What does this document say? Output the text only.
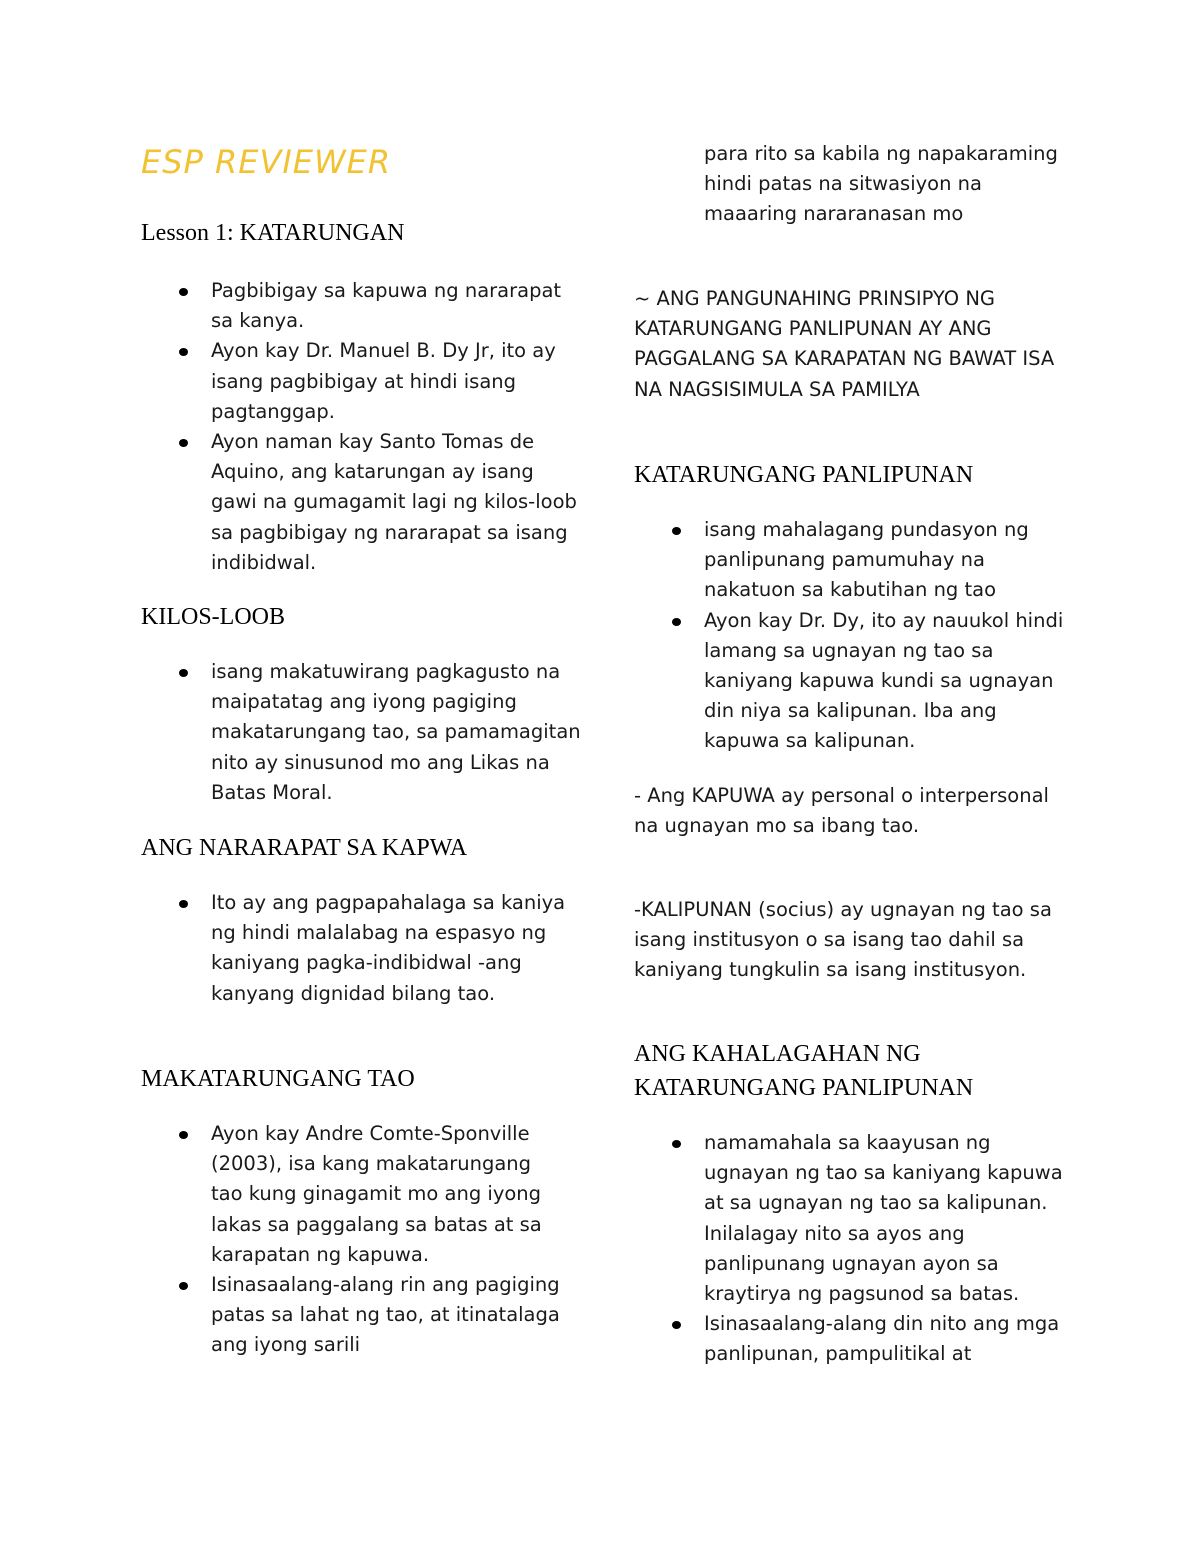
ESP REVIEWER
Lesson 1: KATARUNGAN
Pagbibigay sa kapuwa ng nararapat sa kanya.
Ayon kay Dr. Manuel B. Dy Jr, ito ay isang pagbibigay at hindi isang pagtanggap.
Ayon naman kay Santo Tomas de Aquino, ang katarungan ay isang gawi na gumagamit lagi ng kilos-loob sa pagbibigay ng nararapat sa isang indibidwal.
KILOS-LOOB
isang makatuwirang pagkagusto na maipatatag ang iyong pagiging makatarungang tao, sa pamamagitan nito ay sinusunod mo ang Likas na Batas Moral.
ANG NARARAPAT SA KAPWA
Ito ay ang pagpapahalaga sa kaniya ng hindi malalabag na espasyo ng kaniyang pagka-indibidwal -ang kanyang dignidad bilang tao.
MAKATARUNGANG TAO
Ayon kay Andre Comte-Sponville (2003), isa kang makatarungang tao kung ginagamit mo ang iyong lakas sa paggalang sa batas at sa karapatan ng kapuwa.
Isinasaalang-alang rin ang pagiging patas sa lahat ng tao, at itinatalaga ang iyong sarili

para rito sa kabila ng napakaraming hindi patas na sitwasiyon na maaaring nararanasan mo

~ ANG PANGUNAHING PRINSIPYO NG KATARUNGANG PANLIPUNAN AY ANG PAGGALANG SA KARAPATAN NG BAWAT ISA NA NAGSISIMULA SA PAMILYA

KATARUNGANG PANLIPUNAN
isang mahalagang pundasyon ng panlipunang pamumuhay na nakatuon sa kabutihan ng tao
Ayon kay Dr. Dy, ito ay nauukol hindi lamang sa ugnayan ng tao sa kaniyang kapuwa kundi sa ugnayan din niya sa kalipunan. Iba ang kapuwa sa kalipunan.

- Ang KAPUWA ay personal o interpersonal na ugnayan mo sa ibang tao.

-KALIPUNAN (socius) ay ugnayan ng tao sa isang institusyon o sa isang tao dahil sa kaniyang tungkulin sa isang institusyon.

ANG KAHALAGAHAN NG KATARUNGANG PANLIPUNAN
namamahala sa kaayusan ng ugnayan ng tao sa kaniyang kapuwa at sa ugnayan ng tao sa kalipunan. Inilalagay nito sa ayos ang panlipunang ugnayan ayon sa kraytirya ng pagsunod sa batas.
Isinasaalang-alang din nito ang mga panlipunan, pampulitikal at
